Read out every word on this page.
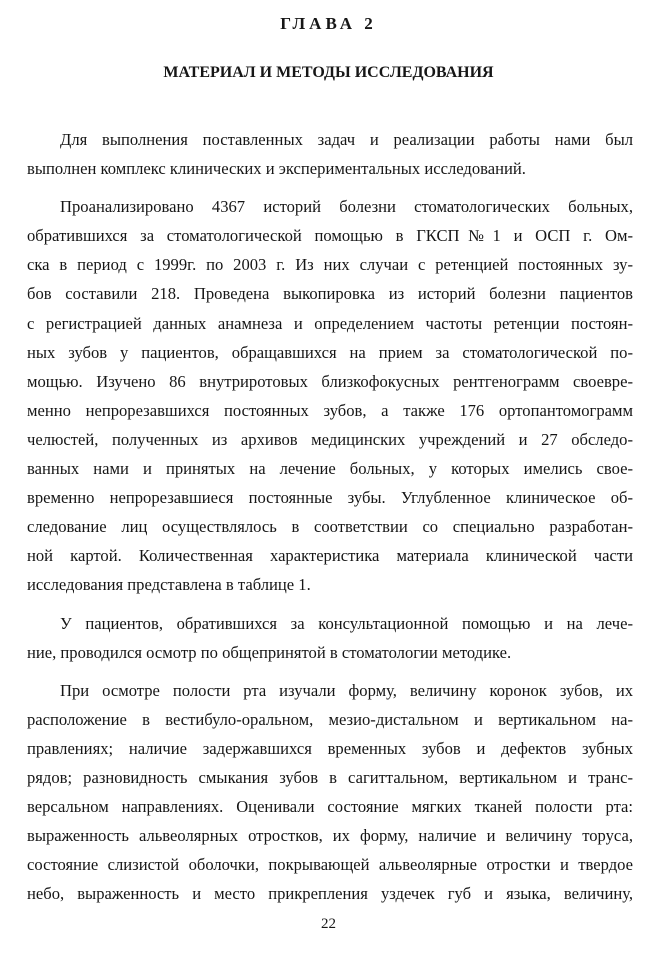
ГЛАВА 2
МАТЕРИАЛ И МЕТОДЫ ИССЛЕДОВАНИЯ
Для выполнения поставленных задач и реализации работы нами был
выполнен комплекс клинических и экспериментальных исследований.
Проанализировано 4367 историй болезни стоматологических больных,
обратившихся за стоматологической помощью в ГКСП№1 и ОСП г. Ом-
ска в период с 1999г. по 2003 г. Из них случаи с ретенцией постоянных зу-
бов составили 218. Проведена выкопировка из историй болезни пациентов
с регистрацией данных анамнеза и определением частоты ретенции постоян-
ных зубов у пациентов, обращавшихся на прием за стоматологической по-
мощью. Изучено 86 внутриротовых близкофокусных рентгенограмм своевре-
менно непрорезавшихся постоянных зубов, а также 176 ортопантомограмм
челюстей, полученных из архивов медицинских учреждений и 27 обследо-
ванных нами и принятых на лечение больных, у которых имелись свое-
временно непрорезавшиеся постоянные зубы. Углубленное клиническое об-
следование лиц осуществлялось в соответствии со специально разработан-
ной картой. Количественная характеристика материала клинической части
исследования представлена в таблице 1.
У пациентов, обратившихся за консультационной помощью и на лече-
ние, проводился осмотр по общепринятой в стоматологии методике.
При осмотре полости рта изучали форму, величину коронок зубов, их
расположение в вестибуло-оральном, мезио-дистальном и вертикальном на-
правлениях; наличие задержавшихся временных зубов и дефектов зубных
рядов; разновидность смыкания зубов в сагиттальном, вертикальном и транс-
версальном направлениях. Оценивали состояние мягких тканей полости рта:
выраженность альвеолярных отростков, их форму, наличие и величину торуса,
состояние слизистой оболочки, покрывающей альвеолярные отростки и твердое
небо, выраженность и место прикрепления уздечек губ и языка, величину,
22
